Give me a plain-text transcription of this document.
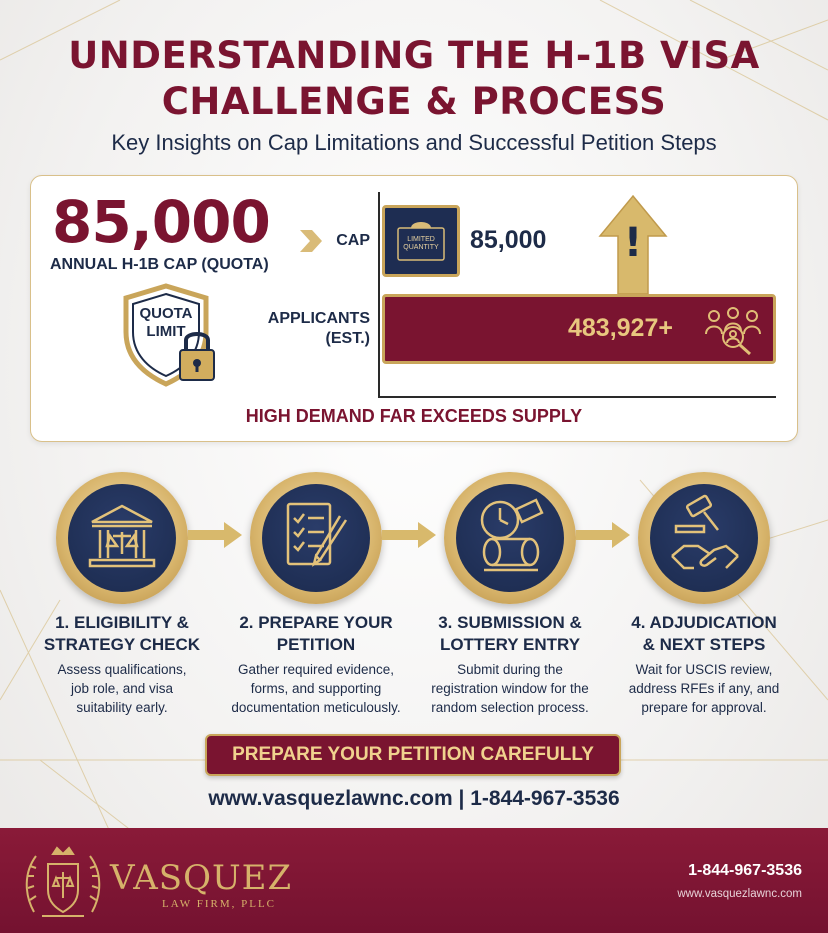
UNDERSTANDING THE H-1B VISA
CHALLENGE & PROCESS
Key Insights on Cap Limitations and Successful Petition Steps
85,000
ANNUAL H-1B CAP (QUOTA)
QUOTA
LIMIT
CAP	LIMITED
QUANTITY 85,000	!
APPLICANTS
(EST.)	483,927+
HIGH DEMAND FAR EXCEEDS SUPPLY
1. ELIGIBILITY &
STRATEGY CHECK
2. PREPARE YOUR
PETITION
3. SUBMISSION &
LOTTERY ENTRY
4. ADJUDICATION
& NEXT STEPS
Assess qualifications,
job role, and visa
suitability early.
Gather required evidence,
forms, and supporting
documentation meticulously.
Submit during the
registration window for the
random selection process.
Wait for USCIS review,
address RFEs if any, and
prepare for approval.
PREPARE YOUR PETITION CAREFULLY
www.vasquezlawnc.com | 1-844-967-3536
VASQUEZ
LAW FIRM, PLLC
1-844-967-3536
www.vasquezlawnc.com
